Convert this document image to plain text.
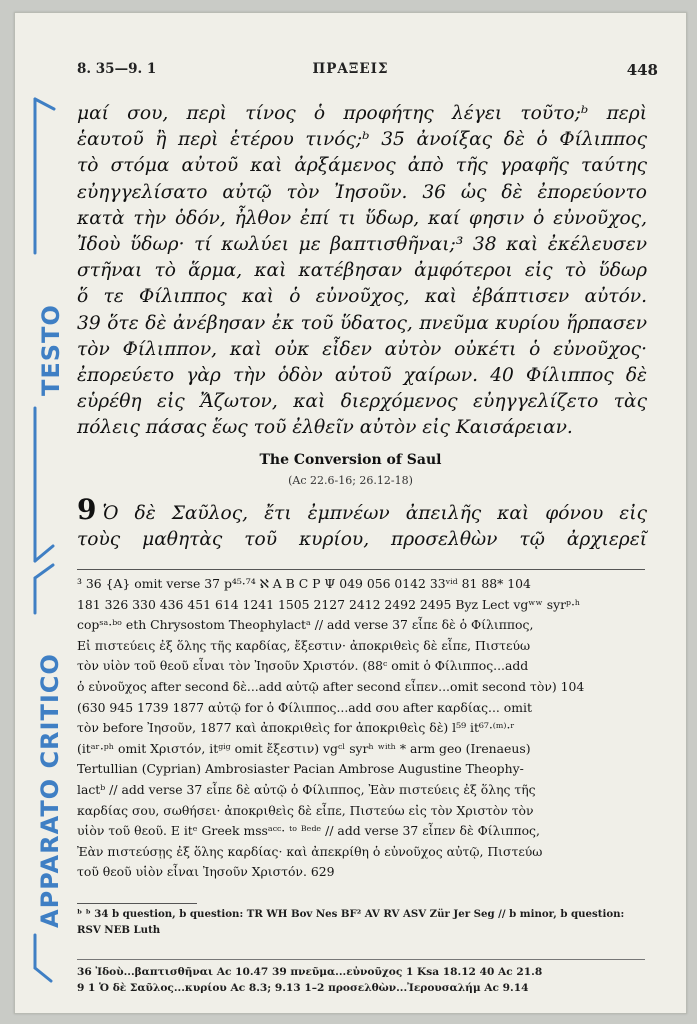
8. 35—9. 1	ΠΡΑΞΕΙΣ	448
μαί σου, περὶ τίνος ὁ προφήτης λέγει τοῦτο;ᵇ περὶ
ἑαυτοῦ ἢ περὶ ἑτέρου τινός;ᵇ 35 ἀνοίξας δὲ ὁ Φίλιππος
τὸ στόμα αὐτοῦ καὶ ἀρξάμενος ἀπὸ τῆς γραφῆς ταύτης
εὐηγγελίσατο αὐτῷ τὸν Ἰησοῦν. 36 ὡς δὲ ἐπορεύοντο
κατὰ τὴν ὁδόν, ἦλθον ἐπί τι ὕδωρ, καί φησιν ὁ εὐνοῦχος,
Ἰδοὺ ὕδωρ· τί κωλύει με βαπτισθῆναι;³ 38 καὶ ἐκέλευσεν
στῆναι τὸ ἅρμα, καὶ κατέβησαν ἀμφότεροι εἰς τὸ ὕδωρ
ὅ τε Φίλιππος καὶ ὁ εὐνοῦχος, καὶ ἐβάπτισεν αὐτόν.
39 ὅτε δὲ ἀνέβησαν ἐκ τοῦ ὕδατος, πνεῦμα κυρίου ἥρπασεν
τὸν Φίλιππον, καὶ οὐκ εἶδεν αὐτὸν οὐκέτι ὁ εὐνοῦχος·
ἐπορεύετο γὰρ τὴν ὁδὸν αὐτοῦ χαίρων. 40 Φίλιππος δὲ
εὑρέθη εἰς Ἄζωτον, καὶ διερχόμενος εὐηγγελίζετο τὰς
πόλεις πάσας ἕως τοῦ ἐλθεῖν αὐτὸν εἰς Καισάρειαν.
The Conversion of Saul
(Ac 22.6-16; 26.12-18)
9 Ὁ δὲ Σαῦλος, ἔτι ἐμπνέων ἀπειλῆς καὶ φόνου εἰς
τοὺς μαθητὰς τοῦ κυρίου, προσελθὼν τῷ ἀρχιερεῖ
³ 36 {A} omit verse 37 p⁴⁵·⁷⁴ ℵ A B C P Ψ 049 056 0142 33ᵛⁱᵈ 81 88* 104
181 326 330 436 451 614 1241 1505 2127 2412 2492 2495 Byz Lect vgʷʷ syrᵖ·ʰ
copˢᵃ·ᵇᵒ eth Chrysostom Theophylactᵃ // add verse 37 εἶπε δὲ ὁ Φίλιππος,
Εἰ πιστεύεις ἐξ ὅλης τῆς καρδίας, ἔξεστιν· ἀποκριθεὶς δὲ εἶπε, Πιστεύω
τὸν υἱὸν τοῦ θεοῦ εἶναι τὸν Ἰησοῦν Χριστόν. (88ᶜ omit ὁ Φίλιππος...add
ὁ εὐνοῦχος after second δὲ...add αὐτῷ after second εἶπεν...omit second τὸν) 104
(630 945 1739 1877 αὐτῷ for ὁ Φίλιππος...add σου after καρδίας... omit
τὸν before Ἰησοῦν, 1877 καὶ ἀποκριθεὶς for ἀποκριθεὶς δὲ) l⁵⁹ it⁶⁷·⁽ᵐ⁾·ʳ
(itᵃʳ·ᵖʰ omit Χριστόν, itᵍⁱᵍ omit ἔξεστιν) vgᶜˡ syrʰ ʷⁱᵗʰ * arm geo (Irenaeus)
Tertullian (Cyprian) Ambrosiaster Pacian Ambrose Augustine Theophy-
lactᵇ // add verse 37 εἶπε δὲ αὐτῷ ὁ Φίλιππος, Ἐὰν πιστεύεις ἐξ ὅλης τῆς
καρδίας σου, σωθήσει· ἀποκριθεὶς δὲ εἶπε, Πιστεύω εἰς τὸν Χριστὸν τὸν
υἱὸν τοῦ θεοῦ. E itᵉ Greek mssᵃᶜᶜ· ᵗᵒ ᴮᵉᵈᵉ // add verse 37 εἶπεν δὲ Φίλιππος,
Ἐὰν πιστεύσῃς ἐξ ὅλης καρδίας· καὶ ἀπεκρίθη ὁ εὐνοῦχος αὐτῷ, Πιστεύω
τοῦ θεοῦ υἱὸν εἶναι Ἰησοῦν Χριστόν. 629
ᵇ ᵇ 34 b question, b question: TR WH Bov Nes BF² AV RV ASV Zür Jer Seg // b minor, b question:
RSV NEB Luth
36 Ἰδοὺ...βαπτισθῆναι Ac 10.47 39 πνεῦμα...εὐνοῦχος 1 Ksa 18.12 40 Ac 21.8
9 1 Ὁ δὲ Σαῦλος...κυρίου Ac 8.3; 9.13 1–2 προσελθὼν...Ἰερουσαλήμ Ac 9.14
TESTO
APPARATO CRITICO
